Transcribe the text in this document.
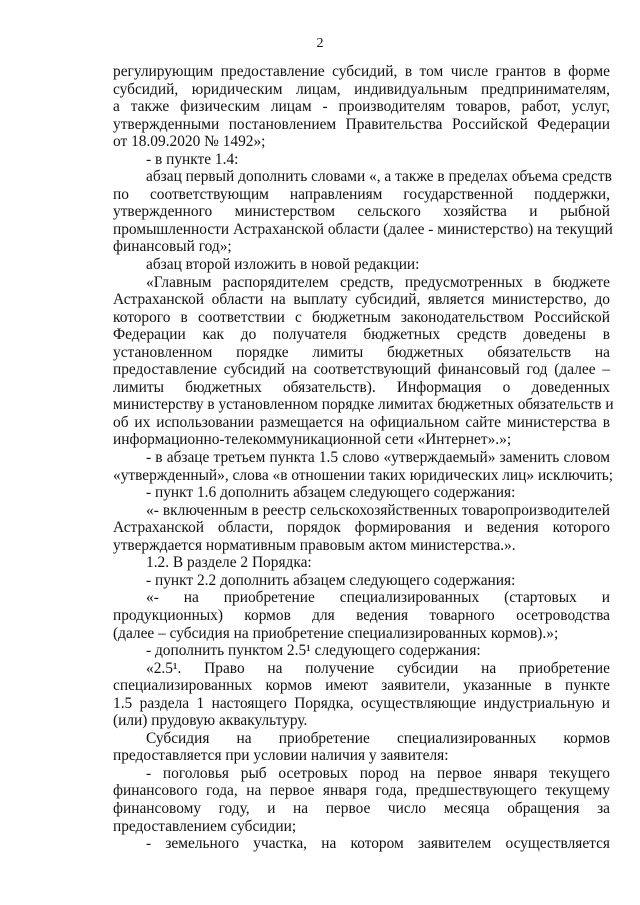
2
регулирующим предоставление субсидий, в том числе грантов в форме
субсидий, юридическим лицам, индивидуальным предпринимателям,
а также физическим лицам - производителям товаров, работ, услуг,
утвержденными постановлением Правительства Российской Федерации
от 18.09.2020 № 1492»;
- в пункте 1.4:
абзац первый дополнить словами «, а также в пределах объема средств
по соответствующим направлениям государственной поддержки,
утвержденного министерством сельского хозяйства и рыбной
промышленности Астраханской области (далее - министерство) на текущий
финансовый год»;
абзац второй изложить в новой редакции:
«Главным распорядителем средств, предусмотренных в бюджете
Астраханской области на выплату субсидий, является министерство, до
которого в соответствии с бюджетным законодательством Российской
Федерации как до получателя бюджетных средств доведены в
установленном порядке лимиты бюджетных обязательств на
предоставление субсидий на соответствующий финансовый год (далее –
лимиты бюджетных обязательств). Информация о доведенных
министерству в установленном порядке лимитах бюджетных обязательств и
об их использовании размещается на официальном сайте министерства в
информационно-телекоммуникационной сети «Интернет».»;
- в абзаце третьем пункта 1.5 слово «утверждаемый» заменить словом
«утвержденный», слова «в отношении таких юридических лиц» исключить;
- пункт 1.6 дополнить абзацем следующего содержания:
«- включенным в реестр сельскохозяйственных товаропроизводителей
Астраханской области, порядок формирования и ведения которого
утверждается нормативным правовым актом министерства.».
1.2. В разделе 2 Порядка:
- пункт 2.2 дополнить абзацем следующего содержания:
«- на приобретение специализированных (стартовых и
продукционных) кормов для ведения товарного осетроводства
(далее – субсидия на приобретение специализированных кормов).»;
- дополнить пунктом 2.5¹ следующего содержания:
«2.5¹. Право на получение субсидии на приобретение
специализированных кормов имеют заявители, указанные в пункте
1.5 раздела 1 настоящего Порядка, осуществляющие индустриальную и
(или) прудовую аквакультуру.
Субсидия на приобретение специализированных кормов
предоставляется при условии наличия у заявителя:
- поголовья рыб осетровых пород на первое января текущего
финансового года, на первое января года, предшествующего текущему
финансовому году, и на первое число месяца обращения за
предоставлением субсидии;
- земельного участка, на котором заявителем осуществляется
